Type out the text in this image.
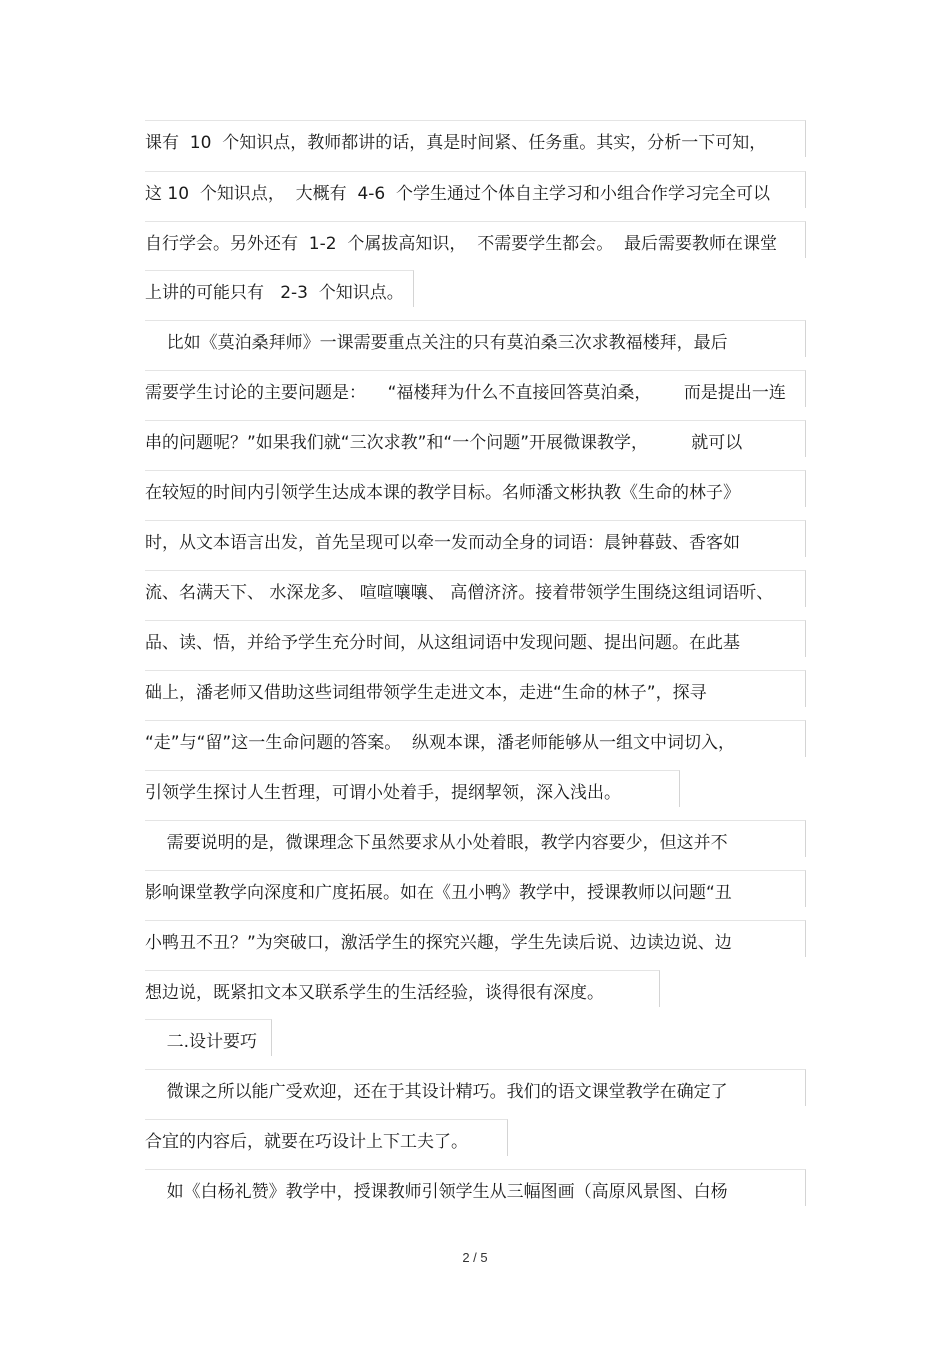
课有  10  个知识点，教师都讲的话，真是时间紧、任务重。其实，分析一下可知，
这 10  个知识点，  大概有  4-6  个学生通过个体自主学习和小组合作学习完全可以
自行学会。另外还有  1-2  个属拔高知识，  不需要学生都会。  最后需要教师在课堂
上讲的可能只有   2-3  个知识点。
比如《莫泊桑拜师》一课需要重点关注的只有莫泊桑三次求教福楼拜，最后
需要学生讨论的主要问题是：    “福楼拜为什么不直接回答莫泊桑，      而是提出一连
串的问题呢？”如果我们就“三次求教”和“一个问题”开展微课教学，        就可以
在较短的时间内引领学生达成本课的教学目标。名师潘文彬执教《生命的林子》
时，从文本语言出发，首先呈现可以牵一发而动全身的词语：晨钟暮鼓、香客如
流、名满天下、 水深龙多、 喧喧嚷嚷、 高僧济济。接着带领学生围绕这组词语听、
品、读、悟，并给予学生充分时间，从这组词语中发现问题、提出问题。在此基
础上，潘老师又借助这些词组带领学生走进文本，走进“生命的林子”，探寻
“走”与“留”这一生命问题的答案。  纵观本课，潘老师能够从一组文中词切入，
引领学生探讨人生哲理，可谓小处着手，提纲挈领，深入浅出。
需要说明的是，微课理念下虽然要求从小处着眼，教学内容要少，但这并不
影响课堂教学向深度和广度拓展。如在《丑小鸭》教学中，授课教师以问题“丑
小鸭丑不丑？”为突破口，激活学生的探究兴趣，学生先读后说、边读边说、边
想边说，既紧扣文本又联系学生的生活经验，谈得很有深度。
二.设计要巧
微课之所以能广受欢迎，还在于其设计精巧。我们的语文课堂教学在确定了
合宜的内容后，就要在巧设计上下工夫了。
如《白杨礼赞》教学中，授课教师引领学生从三幅图画（高原风景图、白杨
2 / 5
